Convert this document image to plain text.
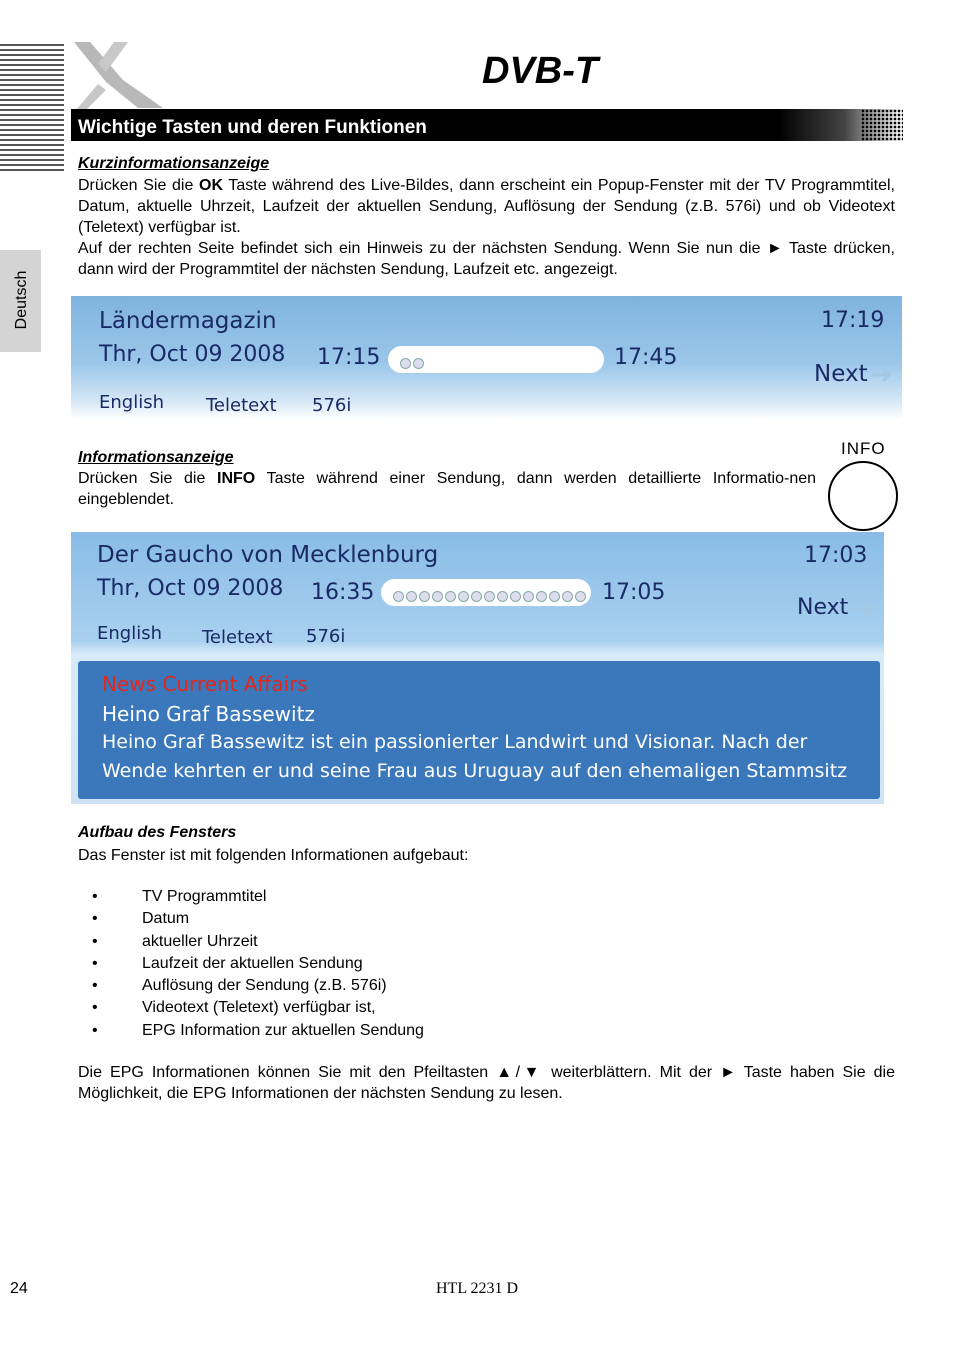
DVB-T
Wichtige Tasten und deren Funktionen
Deutsch
Kurzinformationsanzeige
Drücken Sie die OK Taste während des Live-Bildes, dann erscheint ein Popup-Fenster mit der TV Programmtitel, Datum, aktuelle Uhrzeit, Laufzeit der aktuellen Sendung, Auflösung der Sendung (z.B. 576i) und ob Videotext (Teletext) verfügbar ist.
Auf der rechten Seite befindet sich ein Hinweis zu der nächsten Sendung. Wenn Sie nun die ► Taste drücken, dann wird der Programmtitel der nächsten Sendung, Laufzeit etc. angezeigt.
Ländermagazin
Thr, Oct 09 2008 17:15	17:45
17:19
Next ➜
English Teletext 576i
Informationsanzeige
Drücken Sie die INFO Taste während einer Sendung, dann werden detaillierte Informatio-nen eingeblendet.
INFO
Der Gaucho von Mecklenburg
Thr, Oct 09 2008 16:35	17:05
17:03
Next ➜
English Teletext 576i
News Current Affairs
Heino Graf Bassewitz
Heino Graf Bassewitz ist ein passionierter Landwirt und Visionar. Nach der
Wende kehrten er und seine Frau aus Uruguay auf den ehemaligen Stammsitz
Aufbau des Fensters
Das Fenster ist mit folgenden Informationen aufgebaut:
•	TV Programmtitel
•	Datum
•	aktueller Uhrzeit
•	Laufzeit der aktuellen Sendung
•	Auflösung der Sendung (z.B. 576i)
•	Videotext (Teletext) verfügbar ist,
•	EPG Information zur aktuellen Sendung
Die EPG Informationen können Sie mit den Pfeiltasten ▲/▼ weiterblättern. Mit der ► Taste haben Sie die Möglichkeit, die EPG Informationen der nächsten Sendung zu lesen.
24	HTL 2231 D
